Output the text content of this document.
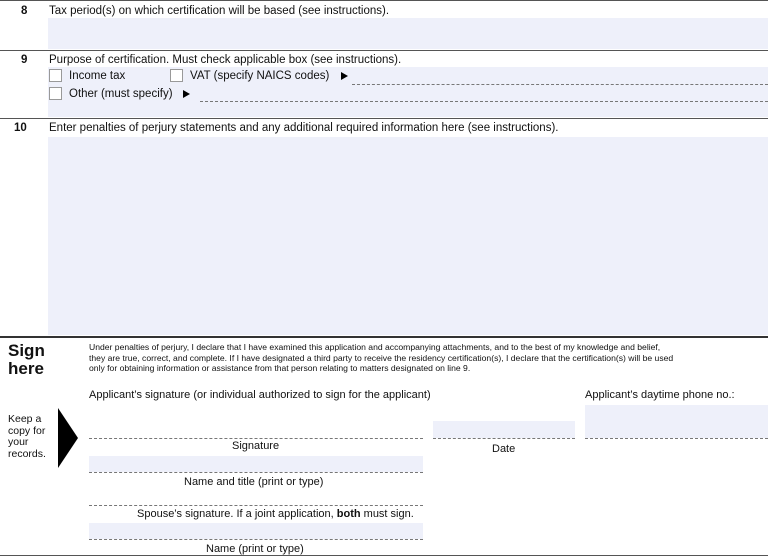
8 Tax period(s) on which certification will be based (see instructions).
9 Purpose of certification. Must check applicable box (see instructions).
Income tax	VAT (specify NAICS codes)
Other (must specify)
10 Enter penalties of perjury statements and any additional required information here (see instructions).
Sign
here
Under penalties of perjury, I declare that I have examined this application and accompanying attachments, and to the best of my knowledge and belief,
they are true, correct, and complete. If I have designated a third party to receive the residency certification(s), I declare that the certification(s) will be used
only for obtaining information or assistance from that person relating to matters designated on line 9.
Applicant’s signature (or individual authorized to sign for the applicant)	Applicant’s daytime phone no.:
Keep a
copy for
your
records.
Signature	Date
Name and title (print or type)
Spouse’s signature. If a joint application, both must sign.
Name (print or type)
